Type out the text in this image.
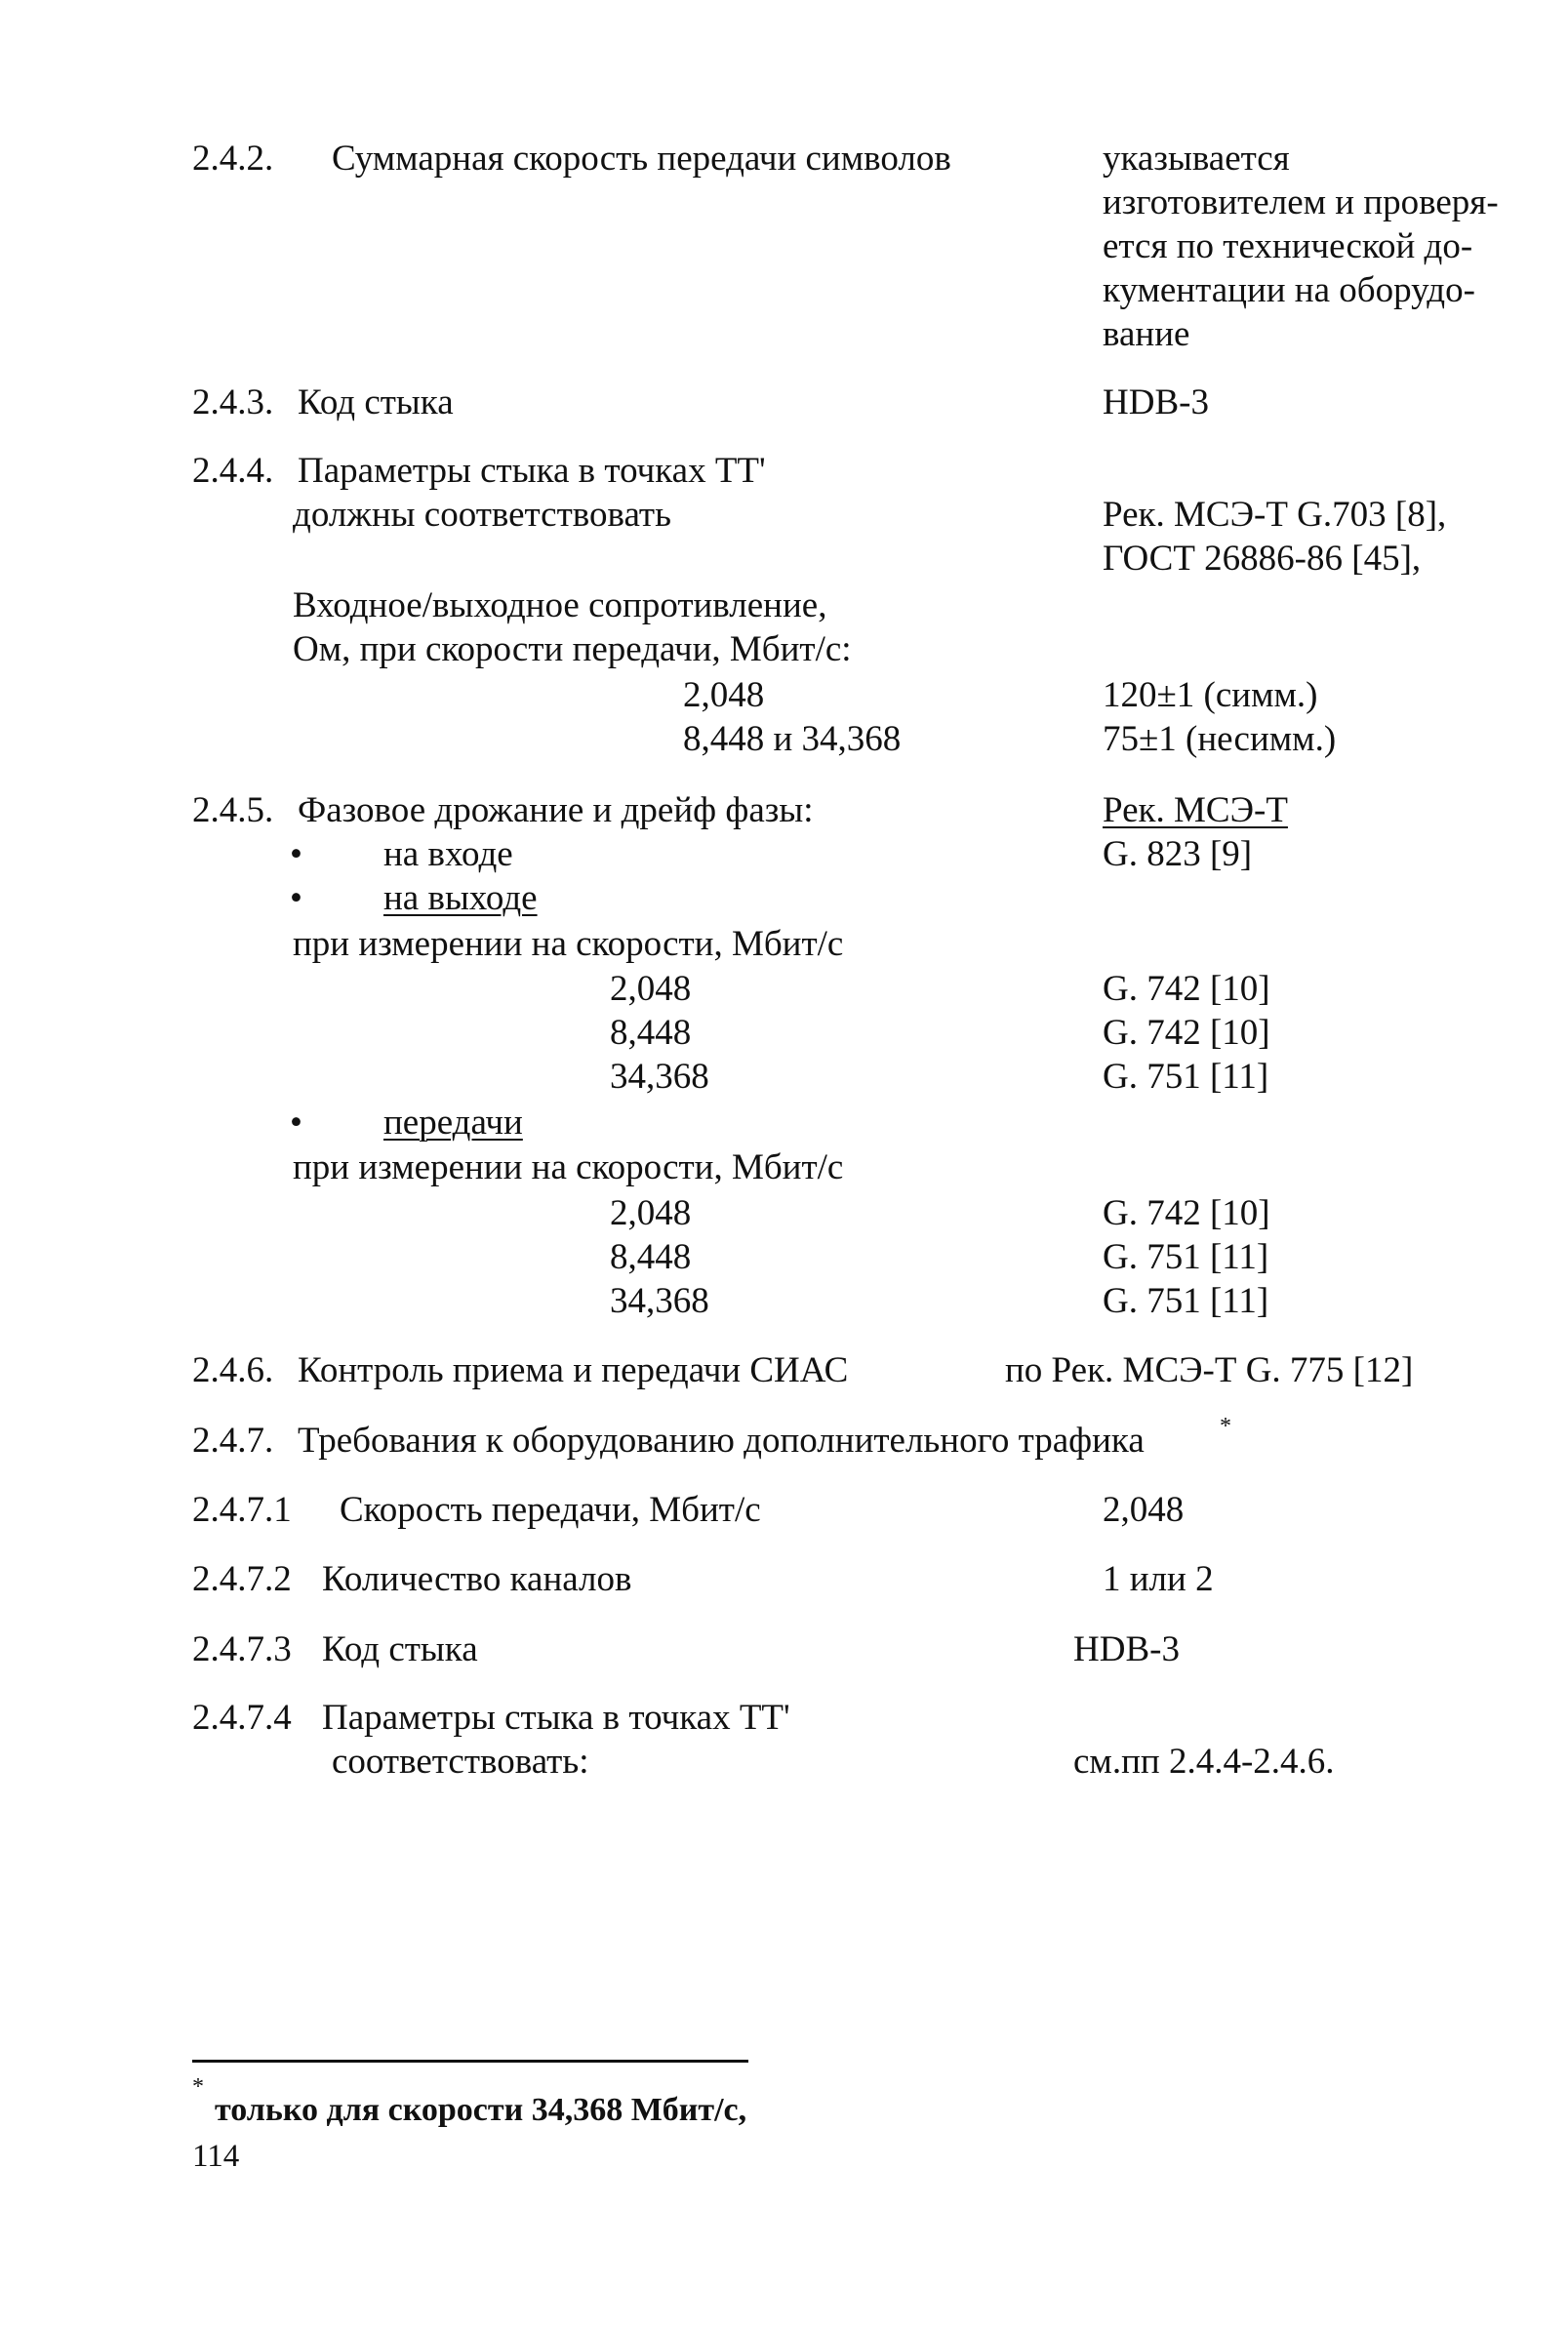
2.4.2. Суммарная скорость передачи символов	указывается
изготовителем и проверя-
ется по технической до-
кументации на оборудо-
вание
2.4.3. Код стыка	HDB-3
2.4.4. Параметры стыка в точках ТТ'
должны соответствовать	Рек. МСЭ-Т G.703 [8],
ГОСТ 26886-86 [45],
Входное/выходное сопротивление,
Ом, при скорости передачи, Мбит/с:
2,048	120±1 (симм.)
8,448 и 34,368	75±1 (несимм.)
2.4.5. Фазовое дрожание и дрейф фазы:	Рек. МСЭ-Т
G. 823 [9]
• на входе
• на выходе
при измерении на скорости, Мбит/с
2,048	G. 742 [10]
8,448	G. 742 [10]
34,368	G. 751 [11]
• передачи
при измерении на скорости, Мбит/с
2,048	G. 742 [10]
8,448	G. 751 [11]
34,368	G. 751 [11]
2.4.6. Контроль приема и передачи СИАС	по Рек. МСЭ-Т G. 775 [12]
2.4.7. Требования к оборудованию дополнительного трафика	*
2.4.7.1 Скорость передачи, Мбит/с	2,048
2.4.7.2 Количество каналов	1 или 2
2.4.7.3 Код стыка	HDB-3
2.4.7.4 Параметры стыка в точках ТТ'
соответствовать:	см.пп 2.4.4-2.4.6.
*
только для скорости 34,368 Мбит/с,
114
